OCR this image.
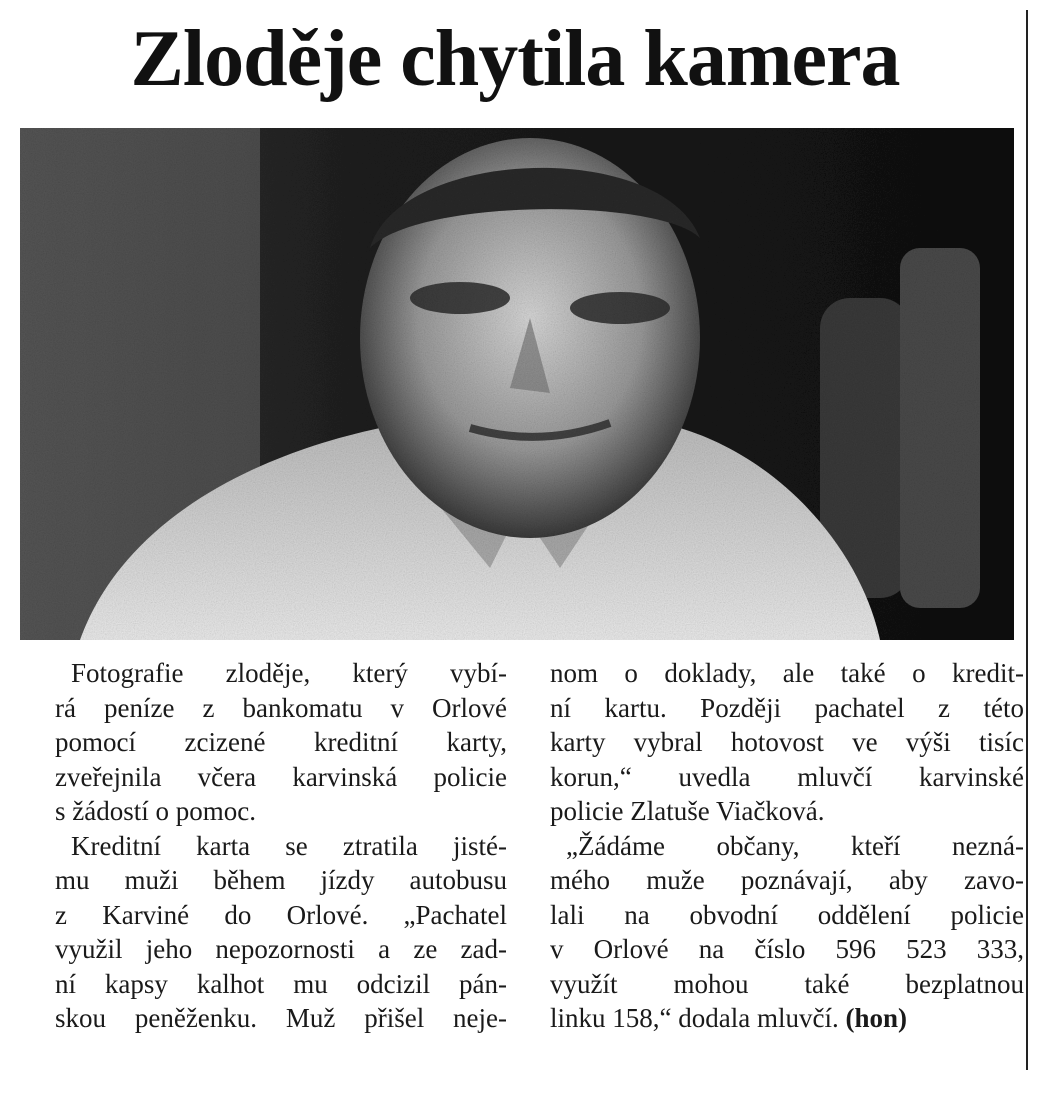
Zloděje chytila kamera
Fotografie zloděje, který vybí-
rá peníze z bankomatu v Orlové
pomocí zcizené kreditní karty,
zveřejnila včera karvinská policie
s žádostí o pomoc.
Kreditní karta se ztratila jisté-
mu muži během jízdy autobusu
z Karviné do Orlové. „Pachatel
využil jeho nepozornosti a ze zad-
ní kapsy kalhot mu odcizil pán-
skou peněženku. Muž přišel neje-
nom o doklady, ale také o kredit-
ní kartu. Později pachatel z této
karty vybral hotovost ve výši tisíc
korun,“ uvedla mluvčí karvinské
policie Zlatuše Viačková.
„Žádáme občany, kteří nezná-
mého muže poznávají, aby zavo-
lali na obvodní oddělení policie
v Orlové na číslo 596 523 333,
využít mohou také bezplatnou
linku 158,“ dodala mluvčí. (hon)
